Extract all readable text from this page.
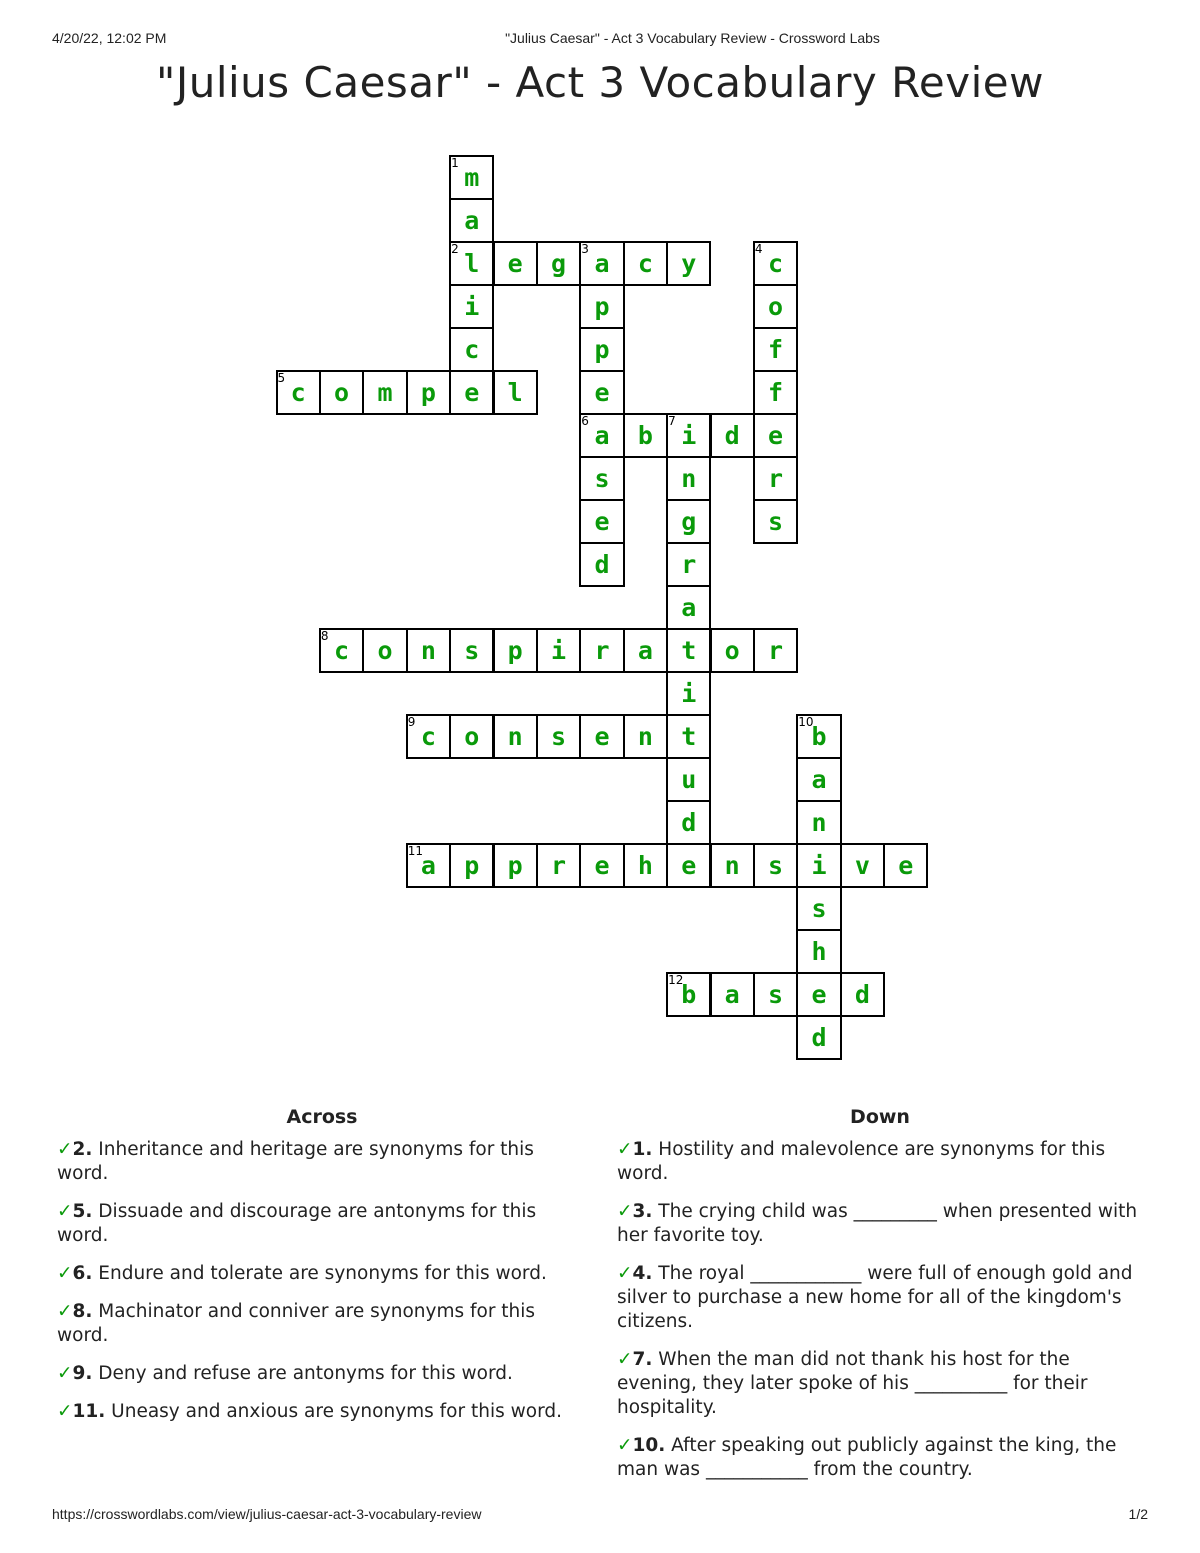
4/20/22, 12:02 PM	"Julius Caesar" - Act 3 Vocabulary Review - Crossword Labs
"Julius Caesar" - Act 3 Vocabulary Review
1 m
a
2 l
i
c
e
e	g	3 a	c	y
p
p
e
6 a
s
e
d
4 c
o
f
f
e
r
s
5 c	o	m	p	l
b	7 i	d
n
g
r
a
t
i
t
u
d
e
8 c	o	n	s	p	i	r	a	o	r
9 c	o	n	s	e	n	10
b
a
n
i
s
h
e
d
11
a	p	p	r	e	h	n	s	v	e
12
b	a	s	d
Across	Down
✓2. Inheritance and heritage are synonyms for this word.
✓5. Dissuade and discourage are antonyms for this word.
✓6. Endure and tolerate are synonyms for this word.
✓8. Machinator and conniver are synonyms for this word.
✓9. Deny and refuse are antonyms for this word.
✓11. Uneasy and anxious are synonyms for this word.
✓1. Hostility and malevolence are synonyms for this word.
✓3. The crying child was _________ when presented with her favorite toy.
✓4. The royal ____________ were full of enough gold and silver to purchase a new home for all of the kingdom's citizens.
✓7. When the man did not thank his host for the evening, they later spoke of his __________ for their hospitality.
✓10. After speaking out publicly against the king, the man was ___________ from the country.
https://crosswordlabs.com/view/julius-caesar-act-3-vocabulary-review	1/2
